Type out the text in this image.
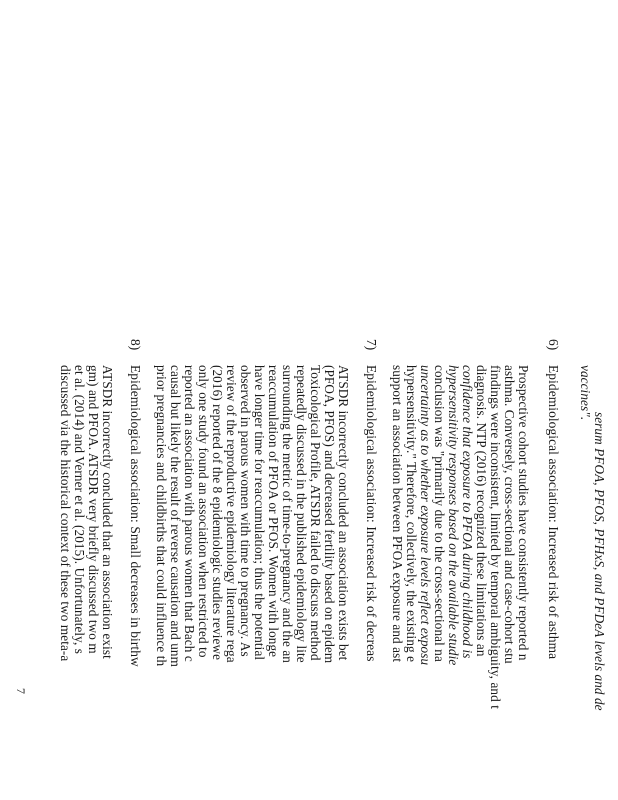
serum PFOA, PFOS, PFHxS, and PFDeA levels and de
vaccines".
6)
Epidemiological association: Increased risk of asthma
Prospective cohort studies have consistently reported n
asthma. Conversely, cross-sectional and case-cohort stu
findings were inconsistent, limited by temporal ambiguity, and t
diagnosis. NTP (2016) recognized these limitations an
confidence that exposure to PFOA during childhood is
hypersensitivity responses based on the available studie
conclusion was "primarily due to the cross-sectional na
uncertainty as to whether exposure levels reflect exposu
hypersensitivity." Therefore, collectively, the existing e
support an association between PFOA exposure and ast
7)
Epidemiological association: Increased risk of decreas
ATSDR incorrectly concluded an association exists bet
(PFOA, PFOS) and decreased fertility based on epidem
Toxicological Profile, ATSDR failed to discuss method
repeatedly discussed in the published epidemiology lite
surrounding the metric of time-to-pregnancy and the an
reaccumulation of PFOA or PFOS. Women with longe
have longer time for reaccumulation; thus the potential
observed in parous women with time to pregnancy. As
review of the reproductive epidemiology literature rega
(2016) reported of the 8 epidemiologic studies reviewe
only one study found an association when restricted to
reported an association with parous women that Bach c
causal but likely the result of reverse causation and unm
prior pregnancies and childbirths that could influence th
8)
Epidemiological association: Small decreases in birthw
ATSDR incorrectly concluded that an association exist
gm) and PFOA. ATSDR very briefly discussed two m
et al. (2014) and Verner et al. (2015). Unfortunately, s
discussed via the historical context of these two meta-a
7
